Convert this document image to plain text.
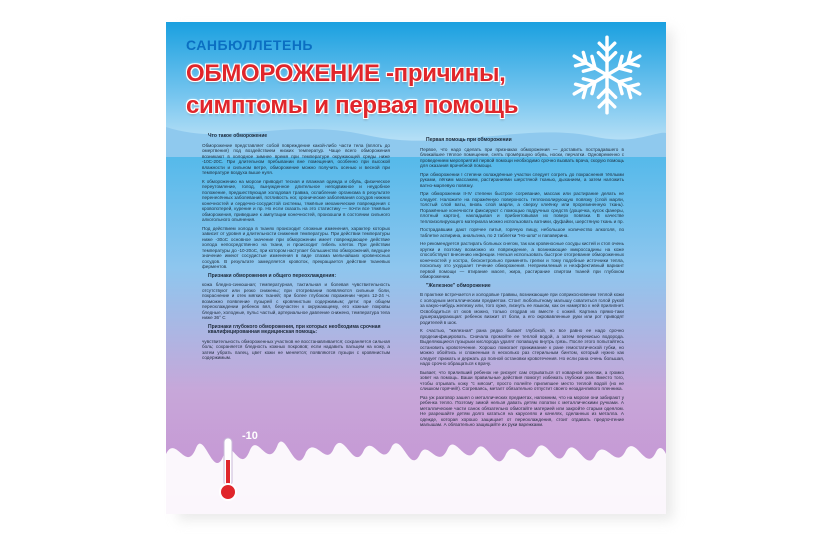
САНБЮЛЛЕТЕНЬ
ОБМОРОЖЕНИЕ -причины,
симптомы и первая помощь
-10
Что такое обморожение

Обморожение представляет собой повреждение какой-либо части тела (вплоть до омертвения) под воздействием низких температур. Чаще всего обморожения возникают в холодное зимнее время при температуре окружающей среды ниже -10С-20С. При длительном пребывании вне помещения, особенно при высокой влажности и сильном ветре, обморожение можно получить осенью и весной при температуре воздуха выше нуля.

К обморожению на морозе приводит тесная и влажная одежда и обувь, физическое переутомление, голод, вынужденное длительное неподвижное и неудобное положение, предшествующая холодовая травма, ослабление организма в результате перенесённых заболеваний, потливость ног, хронические заболевания сосудов нижних конечностей и сердечно-сосудистой системы, тяжёлые механические повреждения с кровопотерей, курение и пр. Но если сказать на это статистику — почти все тяжёлые обморожения, приведшие к ампутации конечностей, произошли в состоянии сильного алкогольного опьянения.

Под действием холода в тканях происходит сложные изменения, характер которых зависит от уровня и длительности снижения температуры. При действии температуры ниже -30оС основное значение при обморожении имеет повреждающее действие холода непосредственно на ткани, и происходит гибель клеток. При действии температуры до -10-20оС, при котором наступает большинство обморожений, ведущее значение имеют сосудистые изменения в виде спазма мельчайших кровеносных сосудов. В результате замедляется кровоток, прекращается действие тканевых ферментов.

Признаки обморожения и общего переохлаждения:

кожа бледно-синюшная; температурная, тактильная и болевая чувствительность отсутствуют или резко снижены; при отогревании появляются сильные боли, покраснение и отек мягких тканей; при более глубоком поражении через 12-24 ч. возможно появление пузырей с кровянистым содержимым; дети: при общем переохлаждении ребенок вял, безучастен к окружающему, его кожные покровы бледные, холодные, пульс частый, артериальное давление снижено, температура тела ниже 36° С

Признаки глубокого обморожения, при которых необходима срочная квалифицированная медицинская помощь:

чувствительность обмороженных участков не восстанавливается; сохраняется сильная боль; сохраняется бледность кожных покровов; если надавить пальцем на кожу, а затем убрать палец, цвет кожи не меняется; появляются пузыри с кровянистым содержимым.

Первая помощь при обморожении

Первое, что надо сделать при признаках обморожения — доставить пострадавшего в ближайшее тёплое помещение, снять промёрзшую обувь, носки, перчатки. Одновременно с проведением мероприятий первой помощи необходимо срочно вызвать врача, скорую помощь для оказания врачебной помощи.

При обморожении I степени охлаждённые участки следует согреть до покраснения тёплыми руками, лёгким массажем, растираниями шерстяной тканью, дыханием, а затем наложить ватно-марлевую повязку.

При обморожении II-IV степени быстрое согревание, массаж или растирание делать не следует. Наложите на поражённую поверхность теплоизолирующую повязку (слой марли, толстый слой ваты, вновь слой марли, а сверху клеёнку или прорезиненную ткань). Поражённые конечности фиксируют с помощью подручных средств (дощечка, кусок фанеры, плотный картон), накладывая и прибинтовывая их поверх повязки. В качестве теплоизолирующего материала можно использовать ватники, фуфайки, шерстяную ткань и пр.

Пострадавшим дают горячее питьё, горячую пищу, небольшое количество алкоголя, по таблетке аспирина, анальгина, по 2 таблетки "Но-шпа" и папаверина.

Не рекомендуется растирать больных снегом, так как кровеносные сосуды кистей и стоп очень хрупки и поэтому возможно их повреждение, а возникающие микроссадины на коже способствуют внесению инфекции. Нельзя использовать быстрое отогревание обмороженных конечностей у костра, бесконтрольно применять грелки и тому подобные источники тепла, поскольку это ухудшает течение обморожения. Неприемлемый и неэффективный вариант первой помощи — втирание масел, жира, растирание спиртом тканей при глубоком обморожении.

"Железное" обморожение

В практике встречается и холодовые травмы, возникающие при соприкосновении теплой кожи с холодным металлическим предметом. Стоит любопытному малышу схватиться голой рукой за какую-нибудь железку или, того хуже, лизнуть ее языком, как он намертво к ней прилипнет. Освободиться от оков можно, только отодрав их вместе с кожей. Картина прямо-таки душераздирающая: ребенок визжит от боли, а его окровавленные руки или рот приводят родителей в шок.

К счастью, "железная" рана редко бывает глубокой, но все равно ее надо срочно продезинфицировать. Сначала промойте ее теплой водой, а затем перекисью водорода. Выделяющиеся пузырьки кислорода удалят попавшую внутрь грязь. После этого попытайтесь остановить кровотечение. Хорошо помогает прижимание к ране гемостатической губки, но можно обойтись и сложенным в несколько раз стерильным бинтом, который нужно как следует прижать и держать до полной остановки кровотечения. Но если рана очень большая, надо срочно обращаться к врачу.

Бывает, что прилипший ребенок не рискует сам отрываться от коварной железки, а громко зовет на помощь. Ваши правильные действия помогут избежать глубоких ран. Вместо того, чтобы отрывать кожу "с мясом", просто полейте прилипшее место теплой водой (но не слишком горячей!). Согреваясь, металт обязательно отпустит своего незадачливого пленника.

Раз уж разговор зашел о металлических предметах, напомним, что на морозе они забирают у ребенка тепло. Поэтому зимой нельзя давать детям лопатки с металлическими ручками. А металлические части санок обязательно обмотайте материей или закройте старым одеялом. Не разрешайте детям долго кататься на каруселях и качелях, сделанных из металла. А одежде, которая хорошо защищает от переохлаждения, стоит отдавать предпочтение малышам. А обязательно защищайте их руки варежками.
